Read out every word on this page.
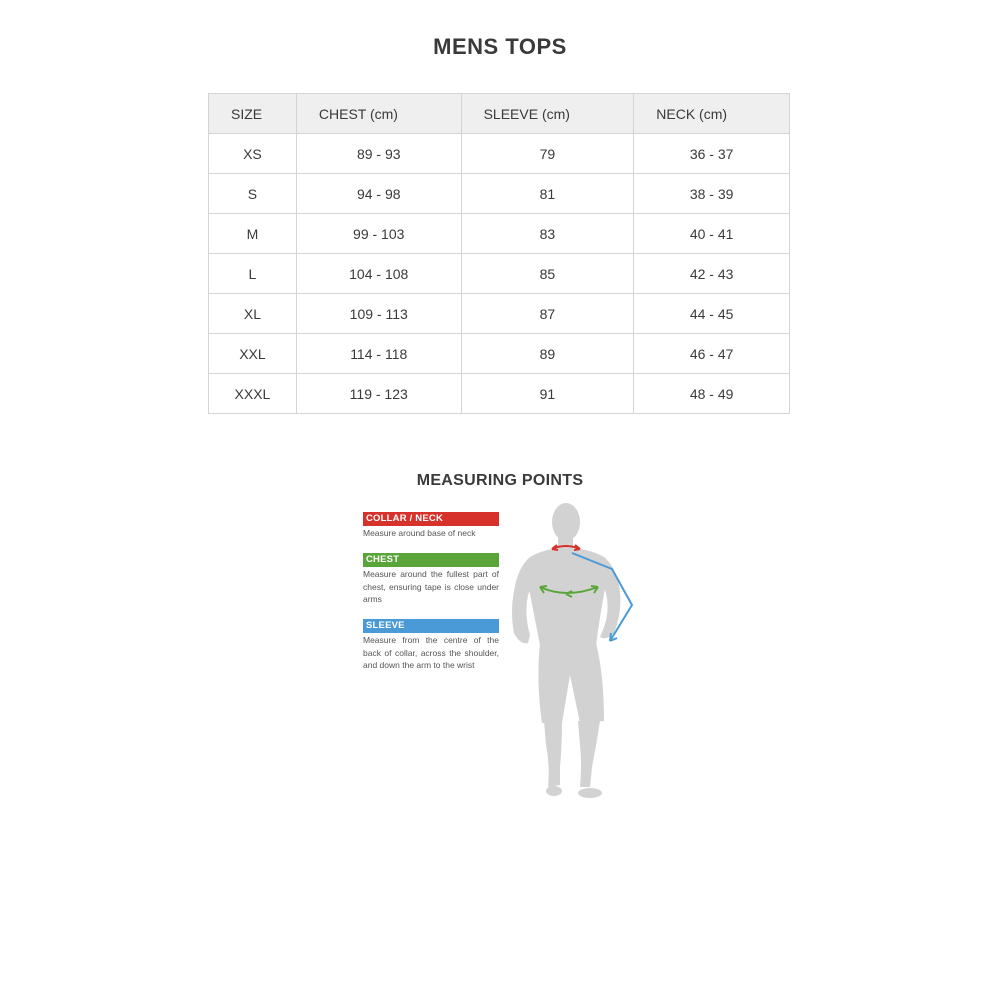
MENS TOPS
SIZE	CHEST (cm)	SLEEVE (cm)	NECK (cm)
XS	89 - 93	79	36 - 37
S	94 - 98	81	38 - 39
M	99 - 103	83	40 - 41
L	104 - 108	85	42 - 43
XL	109 - 113	87	44 - 45
XXL	114 - 118	89	46 - 47
XXXL	119 - 123	91	48 - 49
MEASURING POINTS
COLLAR / NECK
Measure around base of neck
CHEST
Measure around the fullest part of chest, ensuring tape is close under arms
SLEEVE
Measure from the centre of the back of collar, across the shoulder, and down the arm to the wrist
